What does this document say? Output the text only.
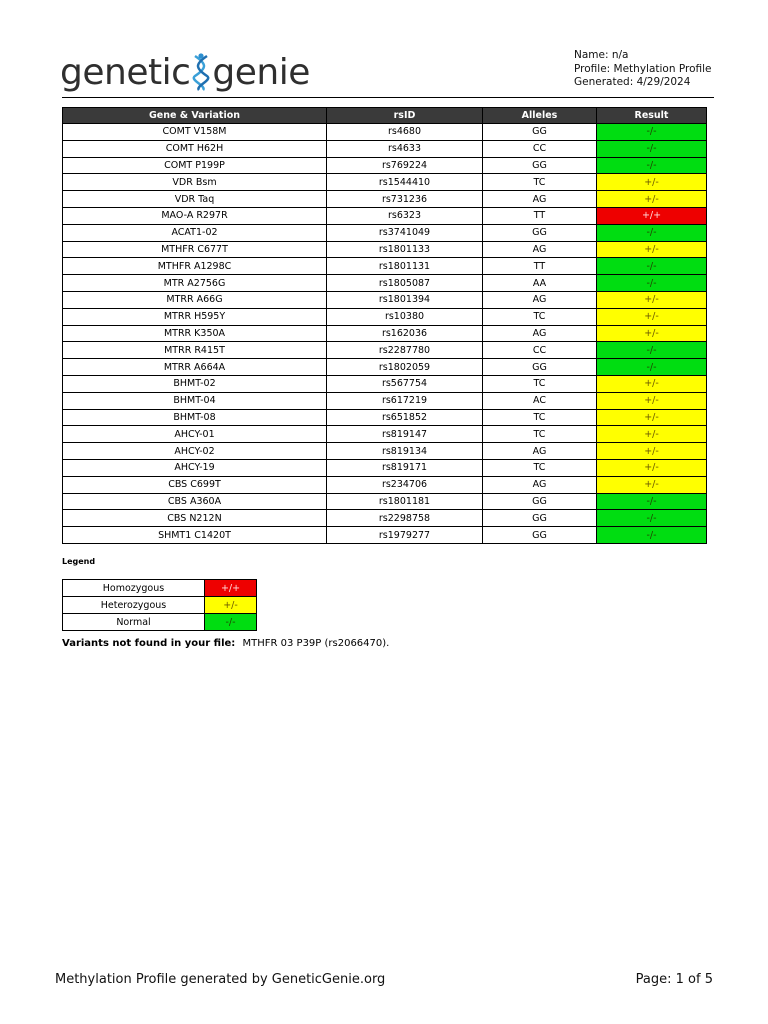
genetic genie	Name: n/a
Profile: Methylation Profile
Generated: 4/29/2024
Gene & Variation	rsID	Alleles	Result
COMT V158M	rs4680	GG	-/-
COMT H62H	rs4633	CC	-/-
COMT P199P	rs769224	GG	-/-
VDR Bsm	rs1544410	TC	+/-
VDR Taq	rs731236	AG	+/-
MAO-A R297R	rs6323	TT	+/+
ACAT1-02	rs3741049	GG	-/-
MTHFR C677T	rs1801133	AG	+/-
MTHFR A1298C	rs1801131	TT	-/-
MTR A2756G	rs1805087	AA	-/-
MTRR A66G	rs1801394	AG	+/-
MTRR H595Y	rs10380	TC	+/-
MTRR K350A	rs162036	AG	+/-
MTRR R415T	rs2287780	CC	-/-
MTRR A664A	rs1802059	GG	-/-
BHMT-02	rs567754	TC	+/-
BHMT-04	rs617219	AC	+/-
BHMT-08	rs651852	TC	+/-
AHCY-01	rs819147	TC	+/-
AHCY-02	rs819134	AG	+/-
AHCY-19	rs819171	TC	+/-
CBS C699T	rs234706	AG	+/-
CBS A360A	rs1801181	GG	-/-
CBS N212N	rs2298758	GG	-/-
SHMT1 C1420T	rs1979277	GG	-/-
Legend
Homozygous	+/+
Heterozygous	+/-
Normal	-/-
Variants not found in your file: MTHFR 03 P39P (rs2066470).
Methylation Profile generated by GeneticGenie.org	Page: 1 of 5
